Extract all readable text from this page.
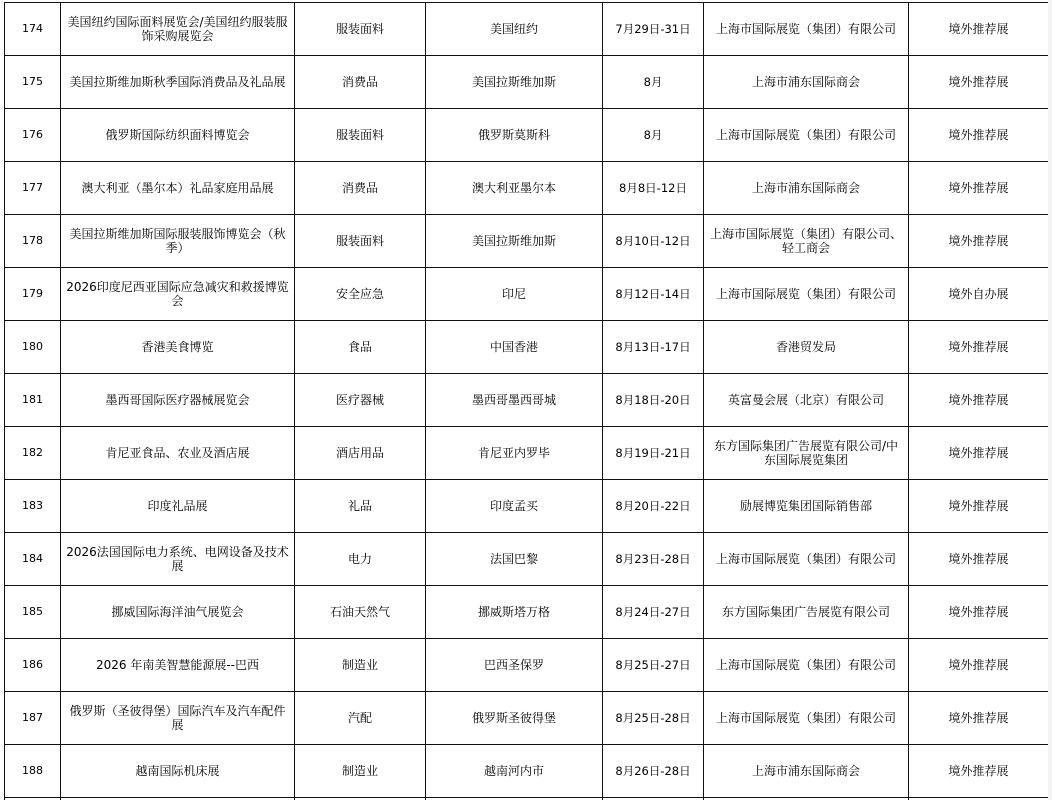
174	美国纽约国际面料展览会/美国纽约服装服饰采购展览会	服装面料	美国纽约	7月29日-31日	上海市国际展览（集团）有限公司	境外推荐展
175	美国拉斯维加斯秋季国际消费品及礼品展	消费品	美国拉斯维加斯	8月	上海市浦东国际商会	境外推荐展
176	俄罗斯国际纺织面料博览会	服装面料	俄罗斯莫斯科	8月	上海市国际展览（集团）有限公司	境外推荐展
177	澳大利亚（墨尔本）礼品家庭用品展	消费品	澳大利亚墨尔本	8月8日-12日	上海市浦东国际商会	境外推荐展
178	美国拉斯维加斯国际服装服饰博览会（秋季）	服装面料	美国拉斯维加斯	8月10日-12日	上海市国际展览（集团）有限公司、轻工商会	境外推荐展
179	2026印度尼西亚国际应急减灾和救援博览会	安全应急	印尼	8月12日-14日	上海市国际展览（集团）有限公司	境外自办展
180	香港美食博览	食品	中国香港	8月13日-17日	香港贸发局	境外推荐展
181	墨西哥国际医疗器械展览会	医疗器械	墨西哥墨西哥城	8月18日-20日	英富曼会展（北京）有限公司	境外推荐展
182	肯尼亚食品、农业及酒店展	酒店用品	肯尼亚内罗毕	8月19日-21日	东方国际集团广告展览有限公司/中东国际展览集团	境外推荐展
183	印度礼品展	礼品	印度孟买	8月20日-22日	励展博览集团国际销售部	境外推荐展
184	2026法国国际电力系统、电网设备及技术展	电力	法国巴黎	8月23日-28日	上海市国际展览（集团）有限公司	境外推荐展
185	挪威国际海洋油气展览会	石油天然气	挪威斯塔万格	8月24日-27日	东方国际集团广告展览有限公司	境外推荐展
186	2026 年南美智慧能源展--巴西	制造业	巴西圣保罗	8月25日-27日	上海市国际展览（集团）有限公司	境外推荐展
187	俄罗斯（圣彼得堡）国际汽车及汽车配件展	汽配	俄罗斯圣彼得堡	8月25日-28日	上海市国际展览（集团）有限公司	境外推荐展
188	越南国际机床展	制造业	越南河内市	8月26日-28日	上海市浦东国际商会	境外推荐展
